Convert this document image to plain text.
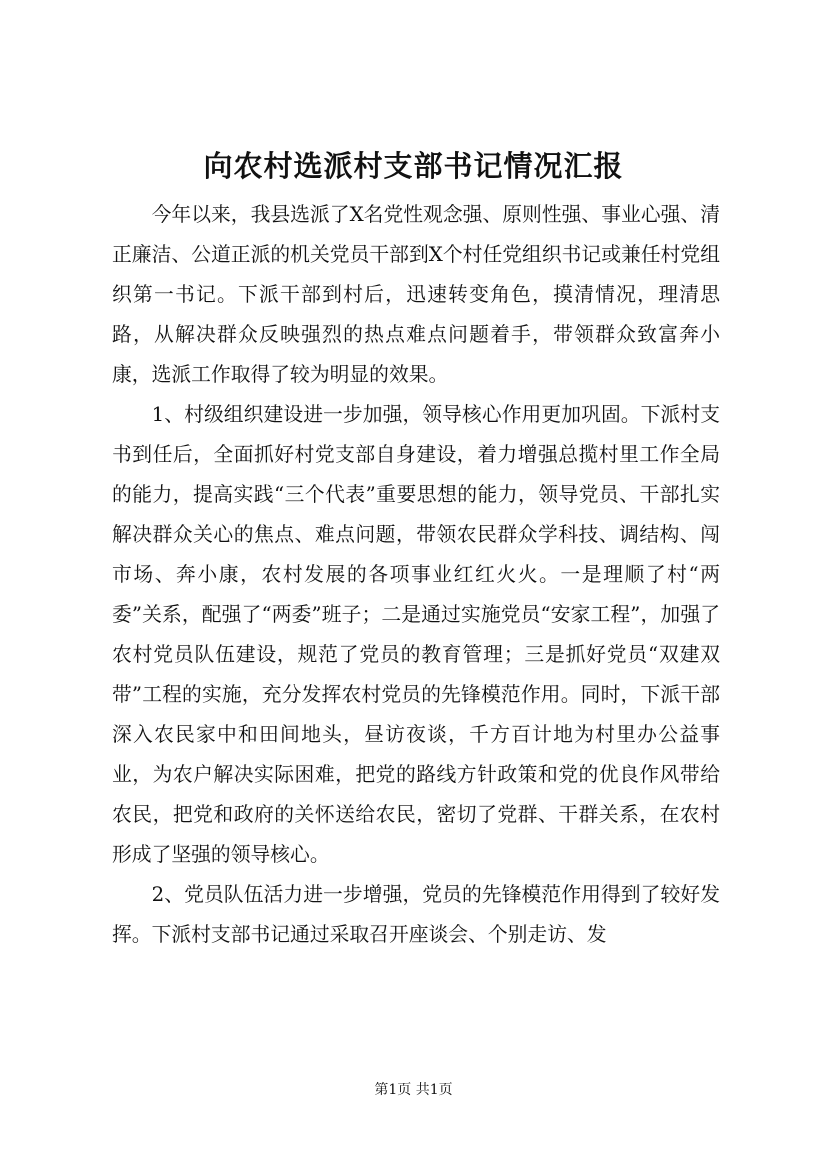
向农村选派村支部书记情况汇报

今年以来，我县选派了X名党性观念强、原则性强、事业心强、清正廉洁、公道正派的机关党员干部到X个村任党组织书记或兼任村党组织第一书记。下派干部到村后，迅速转变角色，摸清情况，理清思路，从解决群众反映强烈的热点难点问题着手，带领群众致富奔小康，选派工作取得了较为明显的效果。

1、村级组织建设进一步加强，领导核心作用更加巩固。下派村支书到任后，全面抓好村党支部自身建设，着力增强总揽村里工作全局的能力，提高实践“三个代表”重要思想的能力，领导党员、干部扎实解决群众关心的焦点、难点问题，带领农民群众学科技、调结构、闯市场、奔小康，农村发展的各项事业红红火火。一是理顺了村“两委”关系，配强了“两委”班子；二是通过实施党员“安家工程”，加强了农村党员队伍建设，规范了党员的教育管理；三是抓好党员“双建双带”工程的实施，充分发挥农村党员的先锋模范作用。同时，下派干部深入农民家中和田间地头，昼访夜谈，千方百计地为村里办公益事业，为农户解决实际困难，把党的路线方针政策和党的优良作风带给农民，把党和政府的关怀送给农民，密切了党群、干群关系，在农村形成了坚强的领导核心。

2、党员队伍活力进一步增强，党员的先锋模范作用得到了较好发挥。下派村支部书记通过采取召开座谈会、个别走访、发

第1页 共1页
